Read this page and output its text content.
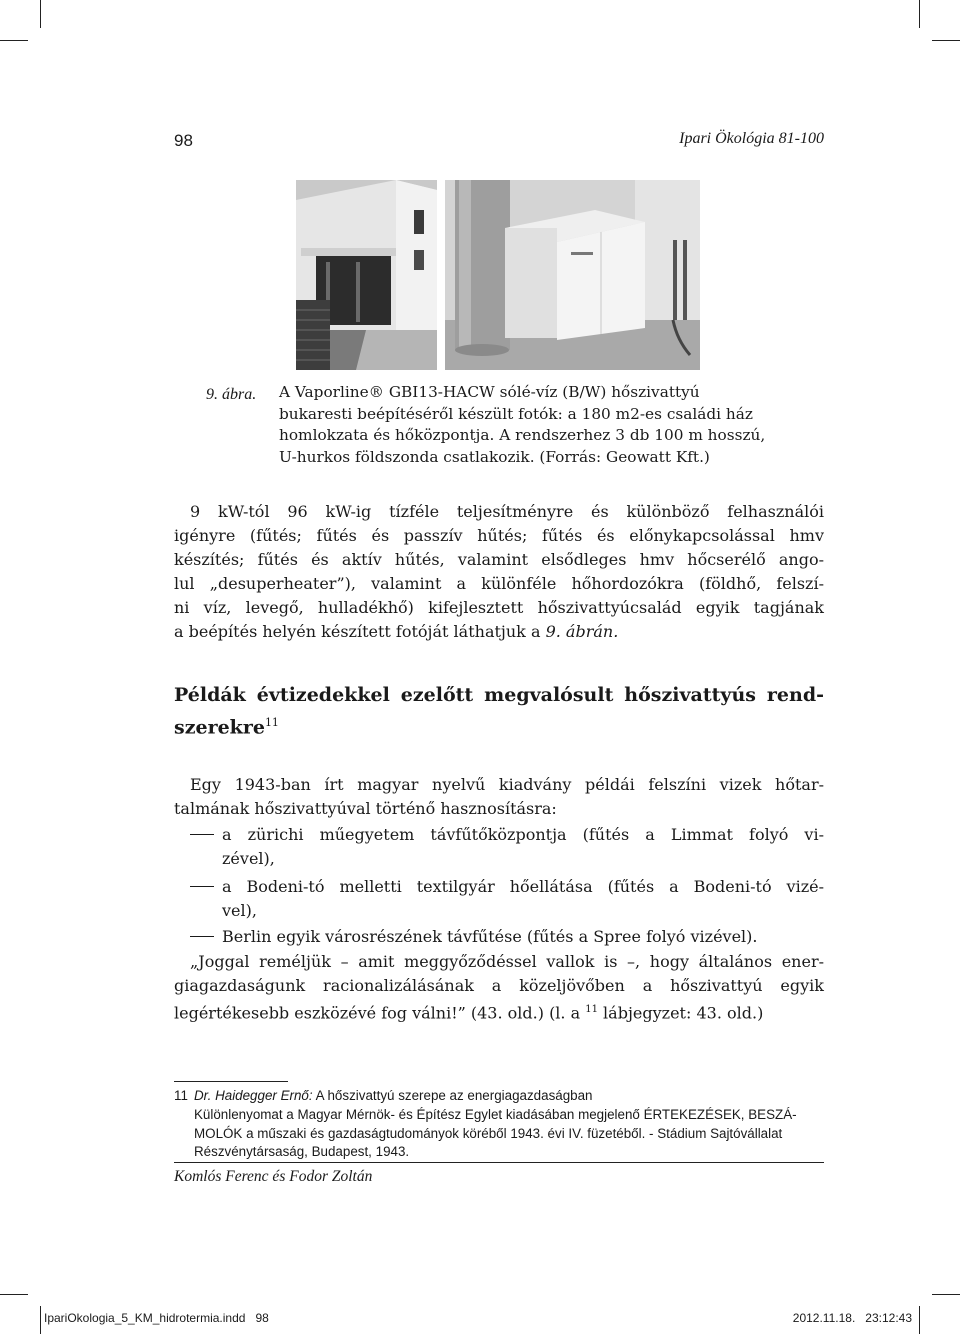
98	Ipari Ökológia 81-100
9. ábra. A Vaporline® GBI13-HACW sólé-víz (B/W) hőszivattyú
bukaresti beépítéséről készült fotók: a 180 m2-es családi ház
homlokzata és hőközpontja. A rendszerhez 3 db 100 m hosszú,
U-hurkos földszonda csatlakozik. (Forrás: Geowatt Kft.)
9 kW-tól 96 kW-ig tízféle teljesítményre és különböző felhasználói
igényre (fűtés; fűtés és passzív hűtés; fűtés és előnykapcsolással hmv
készítés; fűtés és aktív hűtés, valamint elsődleges hmv hőcserélő ango-
lul „desuperheater”), valamint a különféle hőhordozókra (földhő, felszí-
ni víz, levegő, hulladékhő) kifejlesztett hőszivattyúcsalád egyik tagjának
a beépítés helyén készített fotóját láthatjuk a 9. ábrán.
Példák évtizedekkel ezelőtt megvalósult hőszivattyús rend-
szerekre$^{11}$
Egy 1943-ban írt magyar nyelvű kiadvány példái felszíni vizek hőtar-
talmának hőszivattyúval történő hasznosításra:
a zürichi műegyetem távfűtőközpontja (fűtés a Limmat folyó vi-
zével),
a Bodeni-tó melletti textilgyár hőellátása (fűtés a Bodeni-tó vizé-
vel),
Berlin egyik városrészének távfűtése (fűtés a Spree folyó vizével).
„Joggal reméljük – amit meggyőződéssel vallok is –, hogy általános ener-
giagazdaságunk racionalizálásának a közeljövőben a hőszivattyú egyik
legértékesebb eszközévé fog válni!” (43. old.) (l. a $^{11}$ lábjegyzet: 43. old.)
11 Dr. Haidegger Ernő: A hőszivattyú szerepe az energiagazdaságban
Különlenyomat a Magyar Mérnök- és Építész Egylet kiadásában megjelenő ÉRTEKEZÉSEK, BESZÁ-
MOLÓK a műszaki és gazdaságtudományok köréből 1943. évi IV. füzetéből. - Stádium Sajtóvállalat
Részvénytársaság, Budapest, 1943.
Komlós Ferenc és Fodor Zoltán
IpariOkologia_5_KM_hidrotermia.indd   98	2012.11.18.   23:12:43
